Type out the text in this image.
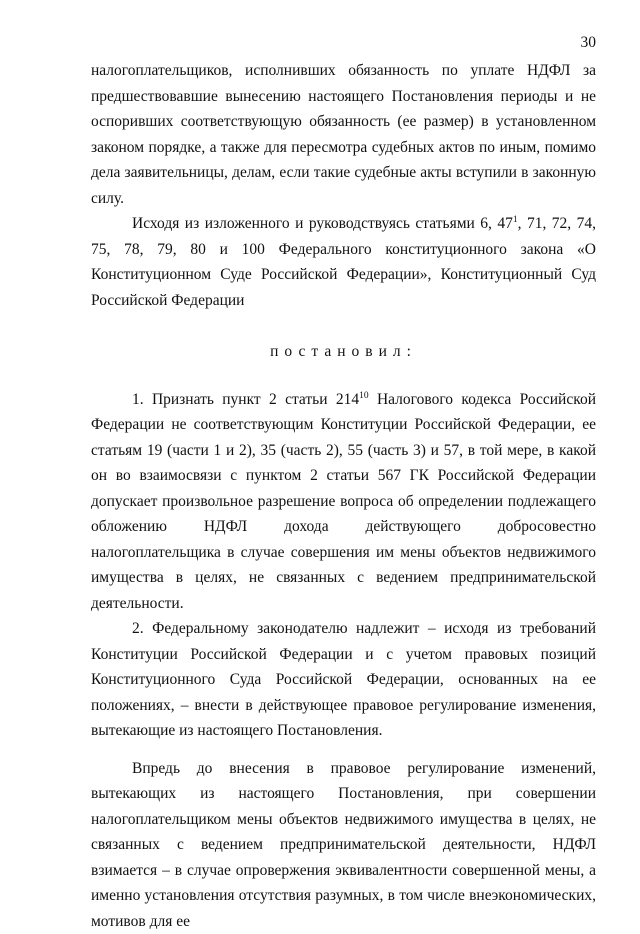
30

налогоплательщиков, исполнивших обязанность по уплате НДФЛ за предшествовавшие вынесению настоящего Постановления периоды и не оспоривших соответствующую обязанность (ее размер) в установленном законом порядке, а также для пересмотра судебных актов по иным, помимо дела заявительницы, делам, если такие судебные акты вступили в законную силу.

Исходя из изложенного и руководствуясь статьями 6, $47^1$, 71, 72, 74, 75, 78, 79, 80 и 100 Федерального конституционного закона «О Конституционном Суде Российской Федерации», Конституционный Суд Российской Федерации

постановил:

1. Признать пункт 2 статьи $214^{10}$ Налогового кодекса Российской Федерации не соответствующим Конституции Российской Федерации, ее статьям 19 (части 1 и 2), 35 (часть 2), 55 (часть 3) и 57, в той мере, в какой он во взаимосвязи с пунктом 2 статьи 567 ГК Российской Федерации допускает произвольное разрешение вопроса об определении подлежащего обложению НДФЛ дохода действующего добросовестно налогоплательщика в случае совершения им мены объектов недвижимого имущества в целях, не связанных с ведением предпринимательской деятельности.

2. Федеральному законодателю надлежит – исходя из требований Конституции Российской Федерации и с учетом правовых позиций Конституционного Суда Российской Федерации, основанных на ее положениях, – внести в действующее правовое регулирование изменения, вытекающие из настоящего Постановления.

Впредь до внесения в правовое регулирование изменений, вытекающих из настоящего Постановления, при совершении налогоплательщиком мены объектов недвижимого имущества в целях, не связанных с ведением предпринимательской деятельности, НДФЛ взимается – в случае опровержения эквивалентности совершенной мены, а именно установления отсутствия разумных, в том числе внеэкономических, мотивов для ее
